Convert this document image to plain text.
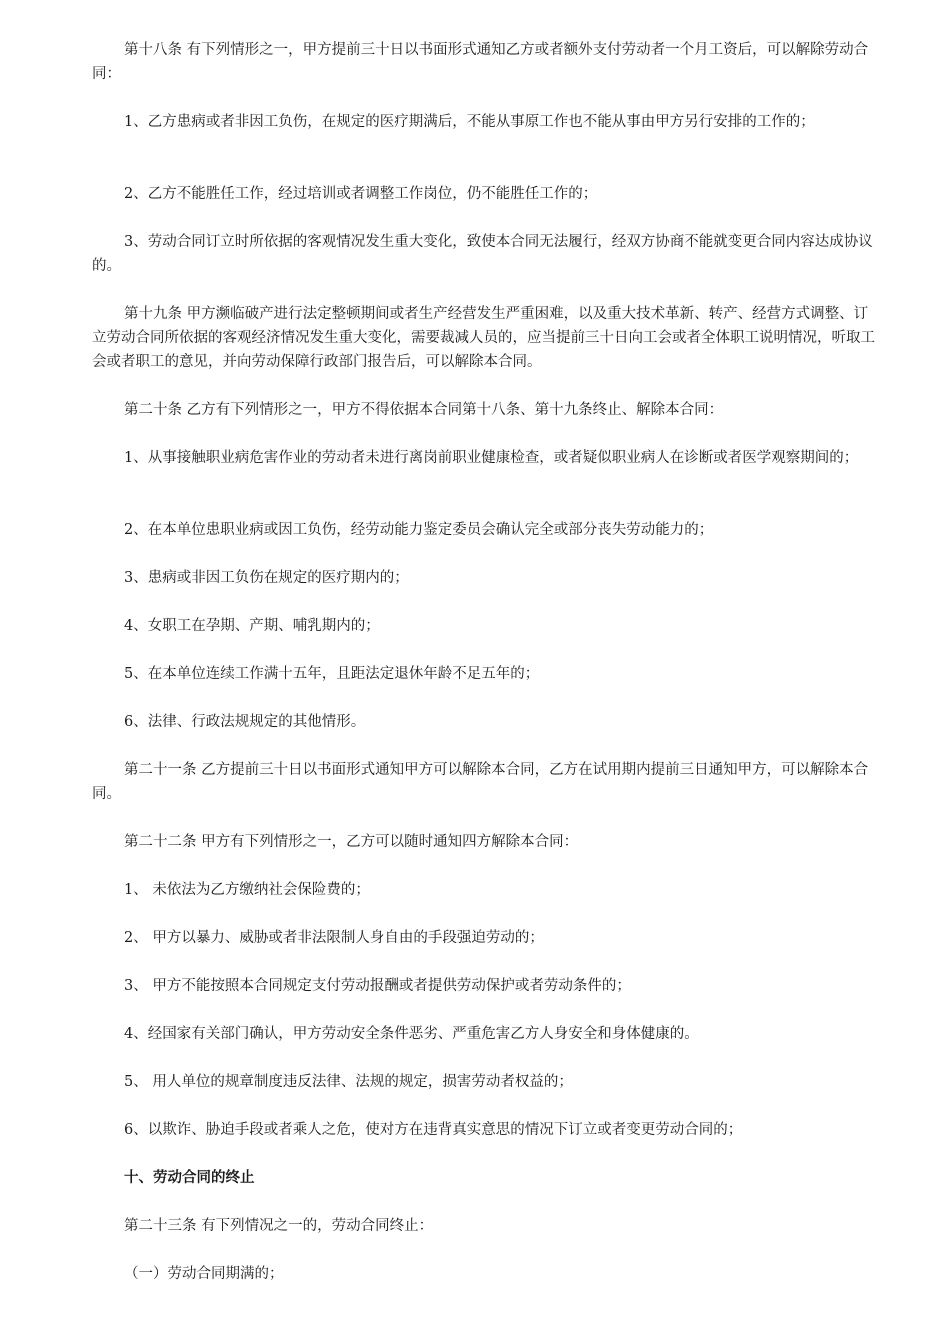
第十八条 有下列情形之一，甲方提前三十日以书面形式通知乙方或者额外支付劳动者一个月工资后，可以解除劳动合同：

1、乙方患病或者非因工负伤，在规定的医疗期满后，不能从事原工作也不能从事由甲方另行安排的工作的；

2、乙方不能胜任工作，经过培训或者调整工作岗位，仍不能胜任工作的；

3、劳动合同订立时所依据的客观情况发生重大变化，致使本合同无法履行，经双方协商不能就变更合同内容达成协议的。

第十九条 甲方濒临破产进行法定整顿期间或者生产经营发生严重困难，以及重大技术革新、转产、经营方式调整、订立劳动合同所依据的客观经济情况发生重大变化，需要裁减人员的，应当提前三十日向工会或者全体职工说明情况，听取工会或者职工的意见，并向劳动保障行政部门报告后，可以解除本合同。

第二十条 乙方有下列情形之一，甲方不得依据本合同第十八条、第十九条终止、解除本合同：

1、从事接触职业病危害作业的劳动者未进行离岗前职业健康检查，或者疑似职业病人在诊断或者医学观察期间的；

2、在本单位患职业病或因工负伤，经劳动能力鉴定委员会确认完全或部分丧失劳动能力的；

3、患病或非因工负伤在规定的医疗期内的；

4、女职工在孕期、产期、哺乳期内的；

5、在本单位连续工作满十五年，且距法定退休年龄不足五年的；

6、法律、行政法规规定的其他情形。

第二十一条 乙方提前三十日以书面形式通知甲方可以解除本合同，乙方在试用期内提前三日通知甲方，可以解除本合同。

第二十二条 甲方有下列情形之一，乙方可以随时通知四方解除本合同：

1、 未依法为乙方缴纳社会保险费的；

2、 甲方以暴力、威胁或者非法限制人身自由的手段强迫劳动的；

3、 甲方不能按照本合同规定支付劳动报酬或者提供劳动保护或者劳动条件的；

4、经国家有关部门确认，甲方劳动安全条件恶劣、严重危害乙方人身安全和身体健康的。

5、 用人单位的规章制度违反法律、法规的规定，损害劳动者权益的；

6、以欺诈、胁迫手段或者乘人之危，使对方在违背真实意思的情况下订立或者变更劳动合同的；

十、劳动合同的终止

第二十三条 有下列情况之一的，劳动合同终止：

（一）劳动合同期满的；
